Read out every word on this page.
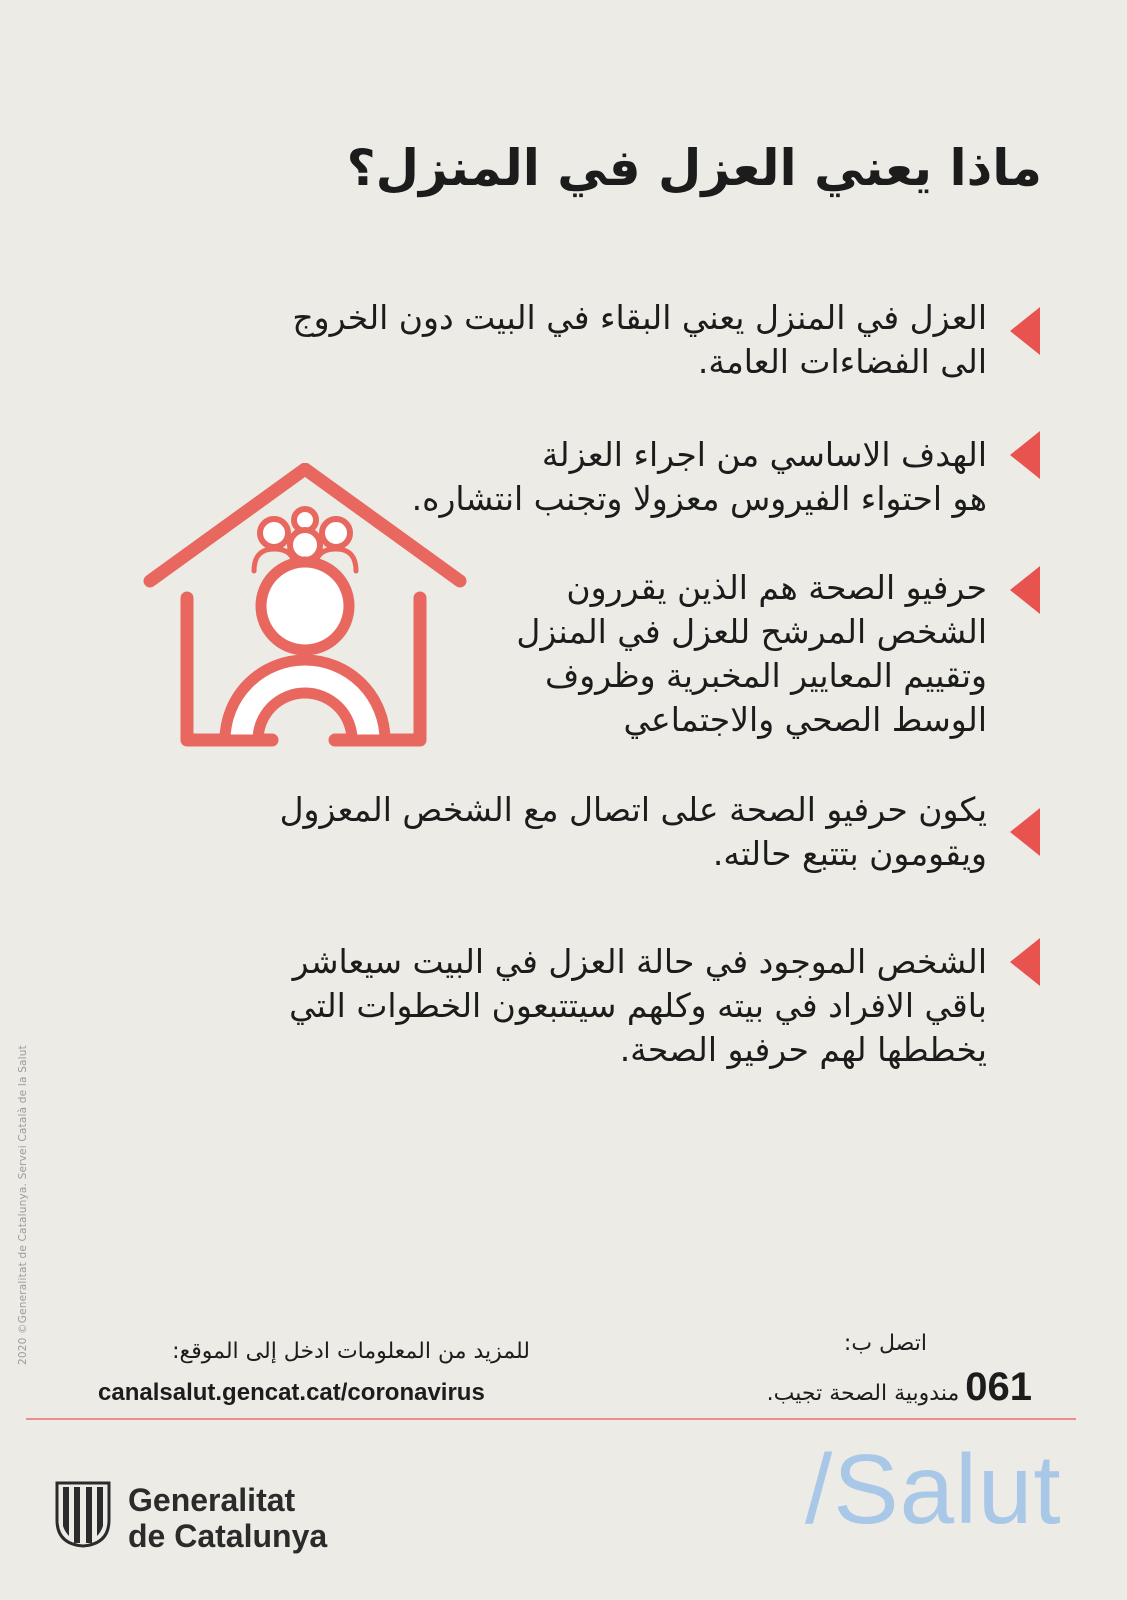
ماذا يعني العزل في المنزل؟

العزل في المنزل يعني البقاء في البيت دون الخروج

الى الفضاءات العامة.

الهدف الاساسي من اجراء العزلة

هو احتواء الفيروس معزولا وتجنب انتشاره.

حرفيو الصحة هم الذين يقررون

الشخص المرشح للعزل في المنزل

وتقييم المعايير المخبرية وظروف

الوسط الصحي والاجتماعي

يكون حرفيو الصحة على اتصال مع الشخص المعزول

ويقومون بتتبع حالته.

الشخص الموجود في حالة العزل في البيت سيعاشر

باقي الافراد في بيته وكلهم سيتتبعون الخطوات التي

يخططها لهم حرفيو الصحة.

2020 ©Generalitat de Catalunya. Servei Català de la Salut	للمزيد من المعلومات ادخل إلى الموقع:
canalsalut.gencat.cat/coronavirus
اتصل ب:
061
مندوبية الصحة تجيب.
Generalitat
de Catalunya	/Salut
